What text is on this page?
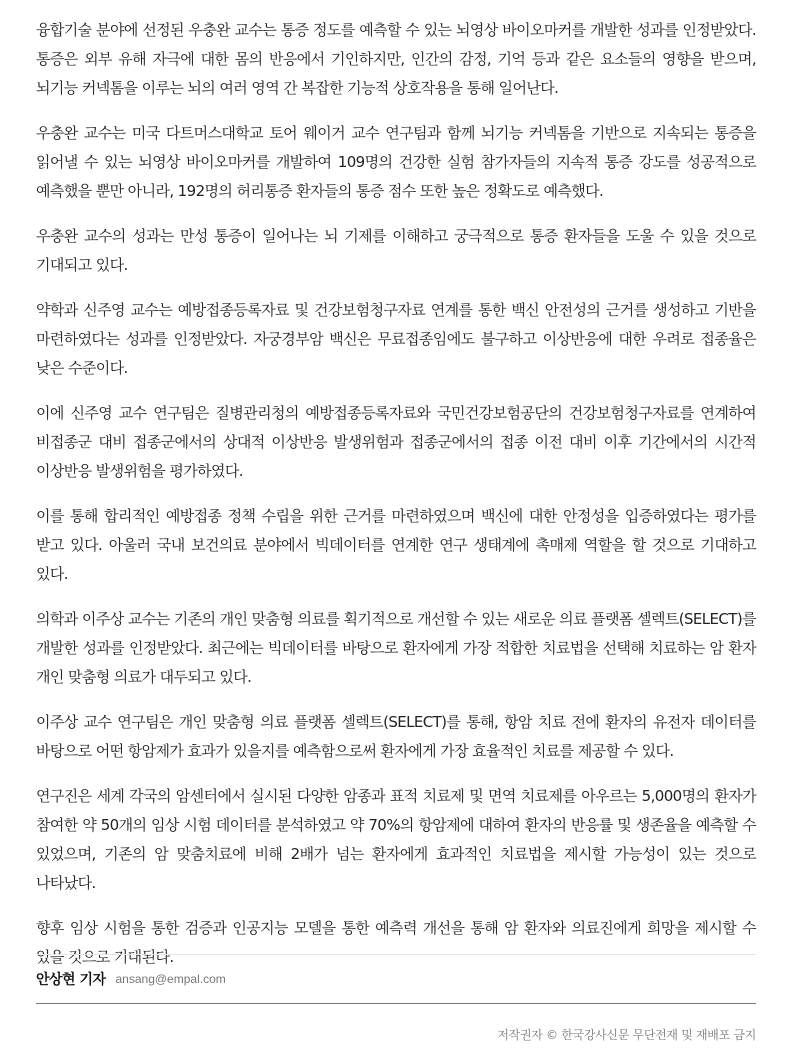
융합기술 분야에 선정된 우충완 교수는 통증 정도를 예측할 수 있는 뇌영상 바이오마커를 개발한 성과를 인정받았다. 통증은 외부 유해 자극에 대한 몸의 반응에서 기인하지만, 인간의 감정, 기억 등과 같은 요소들의 영향을 받으며, 뇌기능 커넥톰을 이루는 뇌의 여러 영역 간 복잡한 기능적 상호작용을 통해 일어난다.

우충완 교수는 미국 다트머스대학교 토어 웨이거 교수 연구팀과 함께 뇌기능 커넥톰을 기반으로 지속되는 통증을 읽어낼 수 있는 뇌영상 바이오마커를 개발하여 109명의 건강한 실험 참가자들의 지속적 통증 강도를 성공적으로 예측했을 뿐만 아니라, 192명의 허리통증 환자들의 통증 점수 또한 높은 정확도로 예측했다.

우충완 교수의 성과는 만성 통증이 일어나는 뇌 기제를 이해하고 궁극적으로 통증 환자들을 도울 수 있을 것으로 기대되고 있다.

약학과 신주영 교수는 예방접종등록자료 및 건강보험청구자료 연계를 통한 백신 안전성의 근거를 생성하고 기반을 마련하였다는 성과를 인정받았다. 자궁경부암 백신은 무료접종임에도 불구하고 이상반응에 대한 우려로 접종율은 낮은 수준이다.

이에 신주영 교수 연구팀은 질병관리청의 예방접종등록자료와 국민건강보험공단의 건강보험청구자료를 연계하여 비접종군 대비 접종군에서의 상대적 이상반응 발생위험과 접종군에서의 접종 이전 대비 이후 기간에서의 시간적 이상반응 발생위험을 평가하였다.

이를 통해 합리적인 예방접종 정책 수립을 위한 근거를 마련하였으며 백신에 대한 안정성을 입증하였다는 평가를 받고 있다. 아울러 국내 보건의료 분야에서 빅데이터를 연계한 연구 생태계에 촉매제 역할을 할 것으로 기대하고 있다.

의학과 이주상 교수는 기존의 개인 맞춤형 의료를 획기적으로 개선할 수 있는 새로운 의료 플랫폼 셀렉트(SELECT)를 개발한 성과를 인정받았다. 최근에는 빅데이터를 바탕으로 환자에게 가장 적합한 치료법을 선택해 치료하는 암 환자 개인 맞춤형 의료가 대두되고 있다.

이주상 교수 연구팀은 개인 맞춤형 의료 플랫폼 셀렉트(SELECT)를 통해, 항암 치료 전에 환자의 유전자 데이터를 바탕으로 어떤 항암제가 효과가 있을지를 예측함으로써 환자에게 가장 효율적인 치료를 제공할 수 있다.

연구진은 세계 각국의 암센터에서 실시된 다양한 암종과 표적 치료제 및 면역 치료제를 아우르는 5,000명의 환자가 참여한 약 50개의 임상 시험 데이터를 분석하였고 약 70%의 항암제에 대하여 환자의 반응률 및 생존율을 예측할 수 있었으며, 기존의 암 맞춤치료에 비해 2배가 넘는 환자에게 효과적인 치료법을 제시할 가능성이 있는 것으로 나타났다.

향후 임상 시험을 통한 검증과 인공지능 모델을 통한 예측력 개선을 통해 암 환자와 의료진에게 희망을 제시할 수 있을 것으로 기대된다.

안상현 기자 ansang@empal.com
저작권자 © 한국강사신문 무단전재 및 재배포 금지
